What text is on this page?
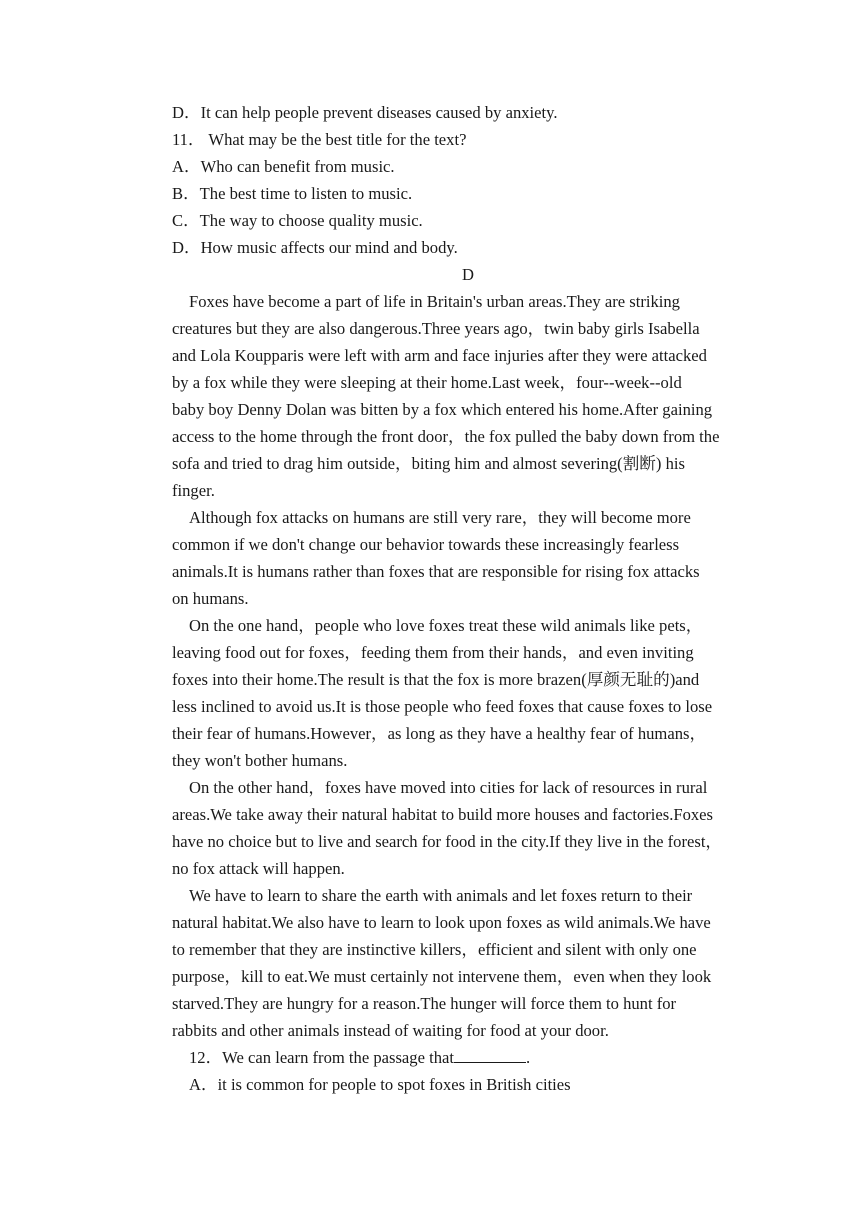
D．It can help people prevent diseases caused by anxiety.

11． What may be the best title for the text?

A．Who can benefit from music.

B．The best time to listen to music.

C．The way to choose quality music.

D．How music affects our mind and body.

D

Foxes have become a part of life in Britain's urban areas.They are striking

creatures but they are also dangerous.Three years ago，twin baby girls Isabella

and Lola Koupparis were left with arm and face injuries after they were attacked

by a fox while they were sleeping at their home.Last week，four-‑week-‑old

baby boy Denny Dolan was bitten by a fox which entered his home.After gaining

access to the home through the front door，the fox pulled the baby down from the

sofa and tried to drag him outside，biting him and almost severing(割断) his

finger.

Although fox attacks on humans are still very rare，they will become more

common if we don't change our behavior towards these increasingly fearless

animals.It is humans rather than foxes that are responsible for rising fox attacks

on humans.

On the one hand，people who love foxes treat these wild animals like pets，

leaving food out for foxes，feeding them from their hands，and even inviting

foxes into their home.The result is that the fox is more brazen(厚颜无耻的)and

less inclined to avoid us.It is those people who feed foxes that cause foxes to lose

their fear of humans.However，as long as they have a healthy fear of humans，

they won't bother humans.

On the other hand，foxes have moved into cities for lack of resources in rural

areas.We take away their natural habitat to build more houses and factories.Foxes

have no choice but to live and search for food in the city.If they live in the forest，

no fox attack will happen.

We have to learn to share the earth with animals and let foxes return to their

natural habitat.We also have to learn to look upon foxes as wild animals.We have

to remember that they are instinctive killers，efficient and silent with only one

purpose，kill to eat.We must certainly not intervene them，even when they look

starved.They are hungry for a reason.The hunger will force them to hunt for

rabbits and other animals instead of waiting for food at your door.

12．We can learn from the passage that	.

A．it is common for people to spot foxes in British cities
